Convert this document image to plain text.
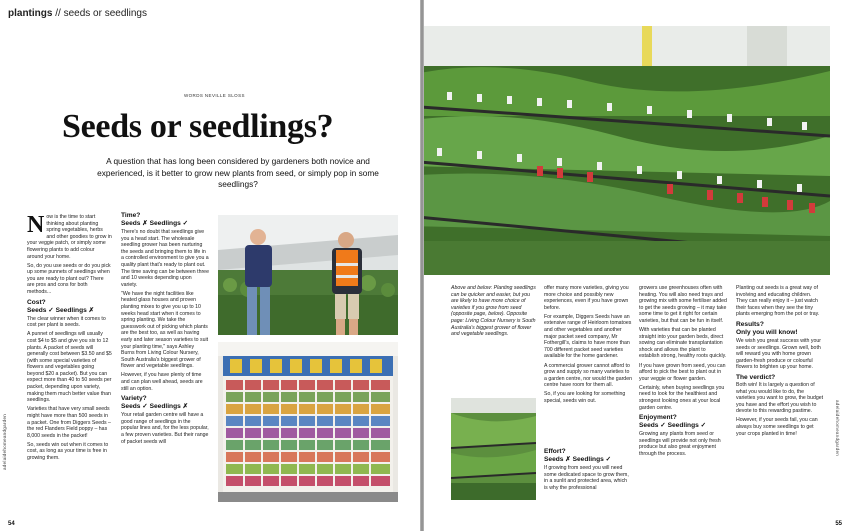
plantings // seeds or seedlings
WORDS NEVILLE SLOSS
Seeds or seedlings?

A question that has long been considered by gardeners both novice and experienced, is it better to grow new plants from seed, or simply pop in some seedlings?

Now is the time to start thinking about planting spring vegetables, herbs and other goodies to grow in your veggie patch, or simply some flowering plants to add colour around your home.

So, do you use seeds or do you pick up some punnets of seedlings when you are ready to plant out? There are pros and cons for both methods...

Cost?
Seeds ✓ Seedlings ✗

The clear winner when it comes to cost per plant is seeds.

A punnet of seedlings will usually cost $4 to $5 and give you six to 12 plants. A packet of seeds will generally cost between $3.50 and $5 (with some special varieties of flowers and vegetables going beyond $20 a packet). But you can expect more than 40 to 50 seeds per packet, depending upon variety, making them much better value than seedlings.

Varieties that have very small seeds might have more than 500 seeds in a packet. One from Diggers Seeds – the red Flanders Field poppy – has 8,000 seeds in the packet!

So, seeds win out when it comes to cost, as long as your time is free in growing them.

Time?
Seeds ✗ Seedlings ✓

There's no doubt that seedlings give you a head start. The wholesale seedling grower has been nurturing the seeds and bringing them to life in a controlled environment to give you a quality plant that's ready to plant out. The time saving can be between three and 10 weeks depending upon variety.

"We have the night facilities like heated glass houses and proven planting mixes to give you up to 10 weeks head start when it comes to spring planting. We take the guesswork out of picking which plants are the best too, as well as having early and later season varieties to suit your planting time," says Ashley Burns from Living Colour Nursery, South Australia's biggest grower of flower and vegetable seedlings.

However, if you have plenty of time and can plan well ahead, seeds are still an option.

Variety?
Seeds ✓ Seedlings ✗

Your retail garden centre will have a good range of seedlings in the popular lines and, for the less popular, a few proven varieties. But their range of packet seeds will

adelaidehomeandgarden
54

Above and below: Planting seedlings can be quicker and easier, but you are likely to have more choice of varieties if you grow from seed (opposite page, below). Opposite page: Living Colour Nursery is South Australia's biggest grower of flower and vegetable seedlings.

Effort?
Seeds ✗ Seedlings ✓

If growing from seed you will need some dedicated space to grow them, in a sunlit and protected area, which is why the professional

offer many more varieties, giving you more choice and possibly new experiences, even if you have grown before.

For example, Diggers Seeds have an extensive range of Heirloom tomatoes and other vegetables and another major packet seed company, Mr Fothergill's, claims to have more than 700 different packet seed varieties available for the home gardener.

A commercial grower cannot afford to grow and supply so many varieties to a garden centre, nor would the garden centre have room for them all.

So, if you are looking for something special, seeds win out.

growers use greenhouses often with heating. You will also need trays and growing mix with some fertiliser added to get the seeds growing – it may take some time to get it right for certain varieties, but that can be fun in itself.

With varieties that can be planted straight into your garden beds, direct sowing can eliminate transplantation shock and allows the plant to establish strong, healthy roots quickly.

If you have grown from seed, you can afford to pick the best to plant out in your veggie or flower garden.

Certainly, when buying seedlings you need to look for the healthiest and strongest looking ones at your local garden centre.

Enjoyment?
Seeds ✓ Seedlings ✓

Growing any plants from seed or seedlings will provide not only fresh produce but also great enjoyment through the process.

Planting out seeds is a great way of involving and educating children. They can really enjoy it – just watch their faces when they see the tiny plants emerging from the pot or tray.

Results?
Only you will know!

We wish you great success with your seeds or seedlings. Grown well, both will reward you with home grown garden-fresh produce or colourful flowers to brighten up your home.

The verdict?

Both win! It is largely a question of what you would like to do, the varieties you want to grow, the budget you have and the effort you wish to devote to this rewarding pastime.

However, if your seeds fail, you can always buy some seedlings to get your crops planted in time!	adelaidehomeandgarden
55
